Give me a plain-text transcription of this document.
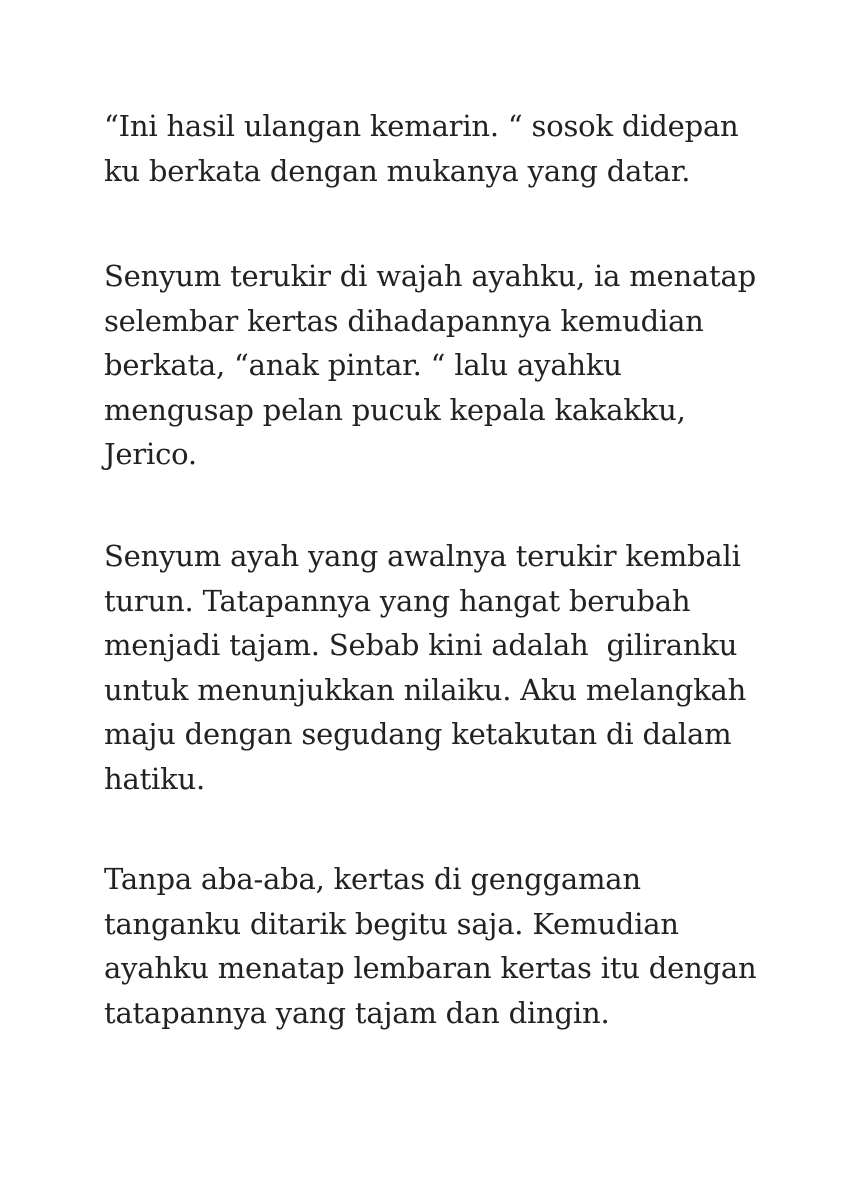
“Ini hasil ulangan kemarin. “ sosok didepan
ku berkata dengan mukanya yang datar.
Senyum terukir di wajah ayahku, ia menatap
selembar kertas dihadapannya kemudian
berkata, “anak pintar. “ lalu ayahku
mengusap pelan pucuk kepala kakakku,
Jerico.
Senyum ayah yang awalnya terukir kembali
turun. Tatapannya yang hangat berubah
menjadi tajam. Sebab kini adalah  giliranku
untuk menunjukkan nilaiku. Aku melangkah
maju dengan segudang ketakutan di dalam
hatiku.
Tanpa aba-aba, kertas di genggaman
tanganku ditarik begitu saja. Kemudian
ayahku menatap lembaran kertas itu dengan
tatapannya yang tajam dan dingin.
